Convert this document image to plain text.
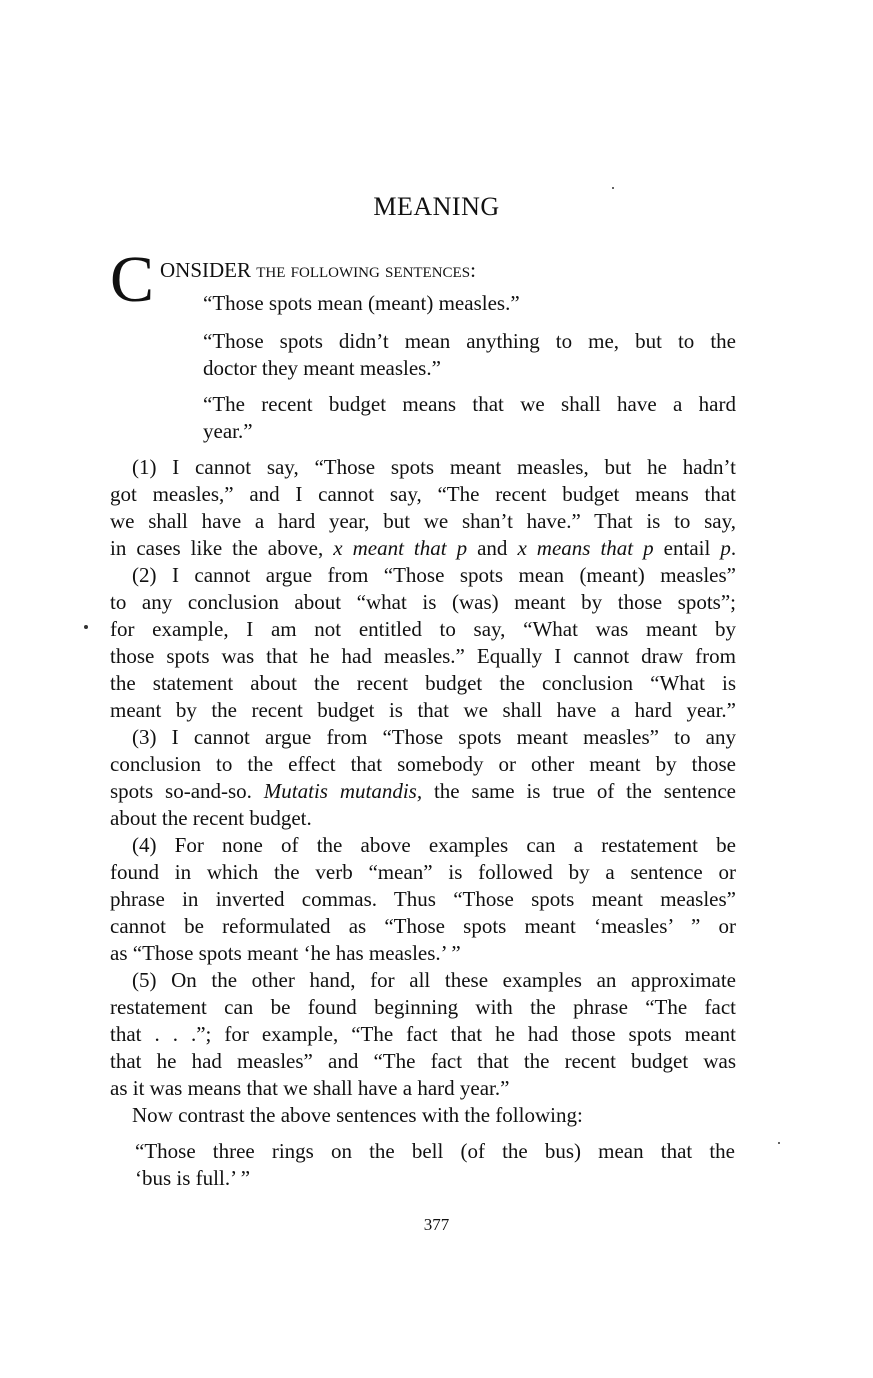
MEANING
C ONSIDER the following sentences:
“Those spots mean (meant) measles.”
“Those spots didn’t mean anything to me, but to the
doctor they meant measles.”
“The recent budget means that we shall have a hard
year.”
(1) I cannot say, “Those spots meant measles, but he hadn’t
got measles,” and I cannot say, “The recent budget means that
we shall have a hard year, but we shan’t have.” That is to say,
in cases like the above, x meant that p and x means that p entail p.
(2) I cannot argue from “Those spots mean (meant) measles”
to any conclusion about “what is (was) meant by those spots”;
for example, I am not entitled to say, “What was meant by
those spots was that he had measles.” Equally I cannot draw from
the statement about the recent budget the conclusion “What is
meant by the recent budget is that we shall have a hard year.”
(3) I cannot argue from “Those spots meant measles” to any
conclusion to the effect that somebody or other meant by those
spots so-and-so. Mutatis mutandis, the same is true of the sentence
about the recent budget.
(4) For none of the above examples can a restatement be
found in which the verb “mean” is followed by a sentence or
phrase in inverted commas. Thus “Those spots meant measles”
cannot be reformulated as “Those spots meant ‘measles’ ” or
as “Those spots meant ‘he has measles.’ ”
(5) On the other hand, for all these examples an approximate
restatement can be found beginning with the phrase “The fact
that . . .”; for example, “The fact that he had those spots meant
that he had measles” and “The fact that the recent budget was
as it was means that we shall have a hard year.”
Now contrast the above sentences with the following:
“Those three rings on the bell (of the bus) mean that the
‘bus is full.’ ”
377
